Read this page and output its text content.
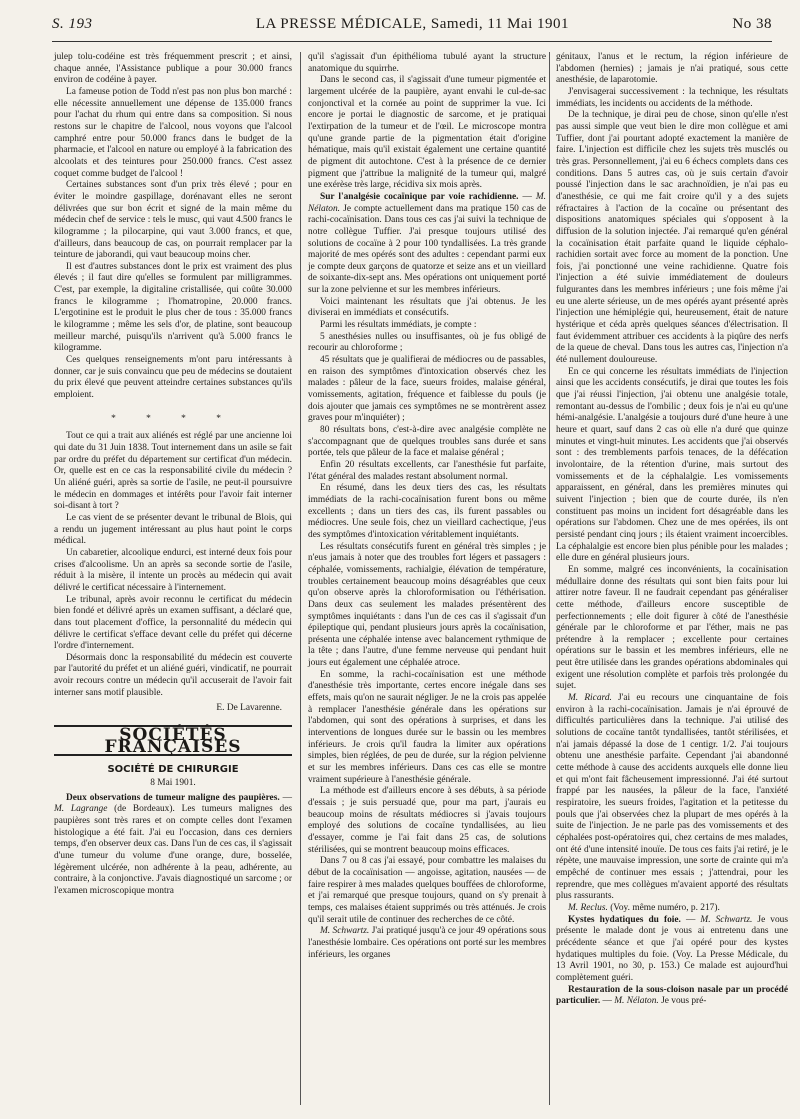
S. 193	LA PRESSE MÉDICALE, Samedi, 11 Mai 1901	No 38

julep tolu-codéine est très fréquemment prescrit ; et ainsi, chaque année, l'Assistance publique a pour 30.000 francs environ de codéine à payer.

La fameuse potion de Todd n'est pas non plus bon marché : elle nécessite annuellement une dépense de 135.000 francs pour l'achat du rhum qui entre dans sa composition. Si nous restons sur le chapitre de l'alcool, nous voyons que l'alcool camphré entre pour 50.000 francs dans le budget de la pharmacie, et l'alcool en nature ou employé à la fabrication des alcoolats et des teintures pour 250.000 francs. C'est assez coquet comme budget de l'alcool !

Certaines substances sont d'un prix très élevé ; pour en éviter le moindre gaspillage, dorénavant elles ne seront délivrées que sur bon écrit et signé de la main même du médecin chef de service : tels le musc, qui vaut 4.500 francs le kilogramme ; la pilocarpine, qui vaut 3.000 francs, et que, d'ailleurs, dans beaucoup de cas, on pourrait remplacer par la teinture de jaborandi, qui vaut beaucoup moins cher.

Il est d'autres substances dont le prix est vraiment des plus élevés ; il faut dire qu'elles se formulent par milligrammes. C'est, par exemple, la digitaline cristallisée, qui coûte 30.000 francs le kilogramme ; l'homatropine, 20.000 francs. L'ergotinine est le produit le plus cher de tous : 35.000 francs le kilogramme ; même les sels d'or, de platine, sont beaucoup meilleur marché, puisqu'ils n'arrivent qu'à 5.000 francs le kilogramme.

Ces quelques renseignements m'ont paru intéressants à donner, car je suis convaincu que peu de médecins se doutaient du prix élevé que peuvent atteindre certaines substances qu'ils emploient.

* * * *

Tout ce qui a trait aux aliénés est réglé par une ancienne loi qui date du 31 Juin 1838. Tout internement dans un asile se fait par ordre du préfet du département sur certificat d'un médecin. Or, quelle est en ce cas la responsabilité civile du médecin ? Un aliéné guéri, après sa sortie de l'asile, ne peut-il poursuivre le médecin en dommages et intérêts pour l'avoir fait interner soi-disant à tort ?

Le cas vient de se présenter devant le tribunal de Blois, qui a rendu un jugement intéressant au plus haut point le corps médical.

Un cabaretier, alcoolique endurci, est interné deux fois pour crises d'alcoolisme. Un an après sa seconde sortie de l'asile, réduit à la misère, il intente un procès au médecin qui avait délivré le certificat nécessaire à l'internement.

Le tribunal, après avoir reconnu le certificat du médecin bien fondé et délivré après un examen suffisant, a déclaré que, dans tout placement d'office, la personnalité du médecin qui délivre le certificat s'efface devant celle du préfet qui décerne l'ordre d'internement.

Désormais donc la responsabilité du médecin est couverte par l'autorité du préfet et un aliéné guéri, vindicatif, ne pourrait avoir recours contre un médecin qu'il accuserait de l'avoir fait interner sans motif plausible.

E. De Lavarenne.

SOCIÉTÉS FRANÇAISES
SOCIÉTÉ DE CHIRURGIE
8 Mai 1901.

Deux observations de tumeur maligne des paupières. — M. Lagrange (de Bordeaux). Les tumeurs malignes des paupières sont très rares et on compte celles dont l'examen histologique a été fait. J'ai eu l'occasion, dans ces derniers temps, d'en observer deux cas. Dans l'un de ces cas, il s'agissait d'une tumeur du volume d'une orange, dure, bosselée, légèrement ulcérée, non adhérente à la peau, adhérente, au contraire, à la conjonctive. J'avais diagnostiqué un sarcome ; or l'examen microscopique montra

qu'il s'agissait d'un épithélioma tubulé ayant la structure anatomique du squirrhe.

Dans le second cas, il s'agissait d'une tumeur pigmentée et largement ulcérée de la paupière, ayant envahi le cul-de-sac conjonctival et la cornée au point de supprimer la vue. Ici encore je portai le diagnostic de sarcome, et je pratiquai l'extirpation de la tumeur et de l'œil. Le microscope montra qu'une grande partie de la pigmentation était d'origine hématique, mais qu'il existait également une certaine quantité de pigment dit autochtone. C'est à la présence de ce dernier pigment que j'attribue la malignité de la tumeur qui, malgré une exérèse très large, récidiva six mois après.

Sur l'analgésie cocaïnique par voie rachidienne. — M. Nélaton. Je compte actuellement dans ma pratique 150 cas de rachi-cocaïnisation. Dans tous ces cas j'ai suivi la technique de notre collègue Tuffier. J'ai presque toujours utilisé des solutions de cocaïne à 2 pour 100 tyndallisées. La très grande majorité de mes opérés sont des adultes : cependant parmi eux je compte deux garçons de quatorze et seize ans et un vieillard de soixante-dix-sept ans. Mes opérations ont uniquement porté sur la zone pelvienne et sur les membres inférieurs.

Voici maintenant les résultats que j'ai obtenus. Je les diviserai en immédiats et consécutifs.

Parmi les résultats immédiats, je compte :

5 anesthésies nulles ou insuffisantes, où je fus obligé de recourir au chloroforme ;

45 résultats que je qualifierai de médiocres ou de passables, en raison des symptômes d'intoxication observés chez les malades : pâleur de la face, sueurs froides, malaise général, vomissements, agitation, fréquence et faiblesse du pouls (je dois ajouter que jamais ces symptômes ne se montrèrent assez graves pour m'inquiéter) ;

80 résultats bons, c'est-à-dire avec analgésie complète ne s'accompagnant que de quelques troubles sans durée et sans portée, tels que pâleur de la face et malaise général ;

Enfin 20 résultats excellents, car l'anesthésie fut parfaite, l'état général des malades restant absolument normal.

En résumé, dans les deux tiers des cas, les résultats immédiats de la rachi-cocaïnisation furent bons ou même excellents ; dans un tiers des cas, ils furent passables ou médiocres. Une seule fois, chez un vieillard cachectique, j'eus des symptômes d'intoxication véritablement inquiétants.

Les résultats consécutifs furent en général très simples ; je n'eus jamais à noter que des troubles fort légers et passagers : céphalée, vomissements, rachialgie, élévation de température, troubles certainement beaucoup moins désagréables que ceux qu'on observe après la chloroformisation ou l'éthérisation. Dans deux cas seulement les malades présentèrent des symptômes inquiétants : dans l'un de ces cas il s'agissait d'un épileptique qui, pendant plusieurs jours après la cocaïnisation, présenta une céphalée intense avec balancement rythmique de la tête ; dans l'autre, d'une femme nerveuse qui pendant huit jours eut également une céphalée atroce.

En somme, la rachi-cocaïnisation est une méthode d'anesthésie très importante, certes encore inégale dans ses effets, mais qu'on ne saurait négliger. Je ne la crois pas appelée à remplacer l'anesthésie générale dans les opérations sur l'abdomen, qui sont des opérations à surprises, et dans les interventions de longues durée sur le bassin ou les membres inférieurs. Je crois qu'il faudra la limiter aux opérations simples, bien réglées, de peu de durée, sur la région pelvienne et sur les membres inférieurs. Dans ces cas elle se montre vraiment supérieure à l'anesthésie générale.

La méthode est d'ailleurs encore à ses débuts, à sa période d'essais ; je suis persuadé que, pour ma part, j'aurais eu beaucoup moins de résultats médiocres si j'avais toujours employé des solutions de cocaïne tyndallisées, au lieu d'essayer, comme je l'ai fait dans 25 cas, de solutions stérilisées, qui se montrent beaucoup moins efficaces.

Dans 7 ou 8 cas j'ai essayé, pour combattre les malaises du début de la cocaïnisation — angoisse, agitation, nausées — de faire respirer à mes malades quelques bouffées de chloroforme, et j'ai remarqué que presque toujours, quand on s'y prenait à temps, ces malaises étaient supprimés ou très atténués. Je crois qu'il serait utile de continuer des recherches de ce côté.

M. Schwartz. J'ai pratiqué jusqu'à ce jour 49 opérations sous l'anesthésie lombaire. Ces opérations ont porté sur les membres inférieurs, les organes

génitaux, l'anus et le rectum, la région inférieure de l'abdomen (hernies) ; jamais je n'ai pratiqué, sous cette anesthésie, de laparotomie.

J'envisagerai successivement : la technique, les résultats immédiats, les incidents ou accidents de la méthode.

De la technique, je dirai peu de chose, sinon qu'elle n'est pas aussi simple que veut bien le dire mon collègue et ami Tuffier, dont j'ai pourtant adopté exactement la manière de faire. L'injection est difficile chez les sujets très musclés ou très gras. Personnellement, j'ai eu 6 échecs complets dans ces conditions. Dans 5 autres cas, où je suis certain d'avoir poussé l'injection dans le sac arachnoïdien, je n'ai pas eu d'anesthésie, ce qui me fait croire qu'il y a des sujets réfractaires à l'action de la cocaïne ou présentant des dispositions anatomiques spéciales qui s'opposent à la diffusion de la solution injectée. J'ai remarqué qu'en général la cocaïnisation était parfaite quand le liquide céphalo-rachidien sortait avec force au moment de la ponction. Une fois, j'ai ponctionné une veine rachidienne. Quatre fois l'injection a été suivie immédiatement de douleurs fulgurantes dans les membres inférieurs ; une fois même j'ai eu une alerte sérieuse, un de mes opérés ayant présenté après l'injection une hémiplégie qui, heureusement, était de nature hystérique et céda après quelques séances d'électrisation. Il faut évidemment attribuer ces accidents à la piqûre des nerfs de la queue de cheval. Dans tous les autres cas, l'injection n'a été nullement douloureuse.

En ce qui concerne les résultats immédiats de l'injection ainsi que les accidents consécutifs, je dirai que toutes les fois que j'ai réussi l'injection, j'ai obtenu une analgésie totale, remontant au-dessus de l'ombilic ; deux fois je n'ai eu qu'une hémi-analgésie. L'analgésie a toujours duré d'une heure à une heure et quart, sauf dans 2 cas où elle n'a duré que quinze minutes et vingt-huit minutes. Les accidents que j'ai observés sont : des tremblements parfois tenaces, de la défécation involontaire, de la rétention d'urine, mais surtout des vomissements et de la céphalalgie. Les vomissements apparaissent, en général, dans les premières minutes qui suivent l'injection ; bien que de courte durée, ils n'en constituent pas moins un incident fort désagréable dans les opérations sur l'abdomen. Chez une de mes opérées, ils ont persisté pendant cinq jours ; ils étaient vraiment incoercibles. La céphalalgie est encore bien plus pénible pour les malades ; elle dure en général plusieurs jours.

En somme, malgré ces inconvénients, la cocaïnisation médullaire donne des résultats qui sont bien faits pour lui attirer notre faveur. Il ne faudrait cependant pas généraliser cette méthode, d'ailleurs encore susceptible de perfectionnements ; elle doit figurer à côté de l'anesthésie générale par le chloroforme et par l'éther, mais ne pas prétendre à la remplacer ; excellente pour certaines opérations sur le bassin et les membres inférieurs, elle ne peut être utilisée dans les grandes opérations abdominales qui exigent une résolution complète et parfois très prolongée du sujet.

M. Ricard. J'ai eu recours une cinquantaine de fois environ à la rachi-cocaïnisation. Jamais je n'ai éprouvé de difficultés particulières dans la technique. J'ai utilisé des solutions de cocaïne tantôt tyndallisées, tantôt stérilisées, et n'ai jamais dépassé la dose de 1 centigr. 1/2. J'ai toujours obtenu une anesthésie parfaite. Cependant j'ai abandonné cette méthode à cause des accidents auxquels elle donne lieu et qui m'ont fait fâcheusement impressionné. J'ai été surtout frappé par les nausées, la pâleur de la face, l'anxiété respiratoire, les sueurs froides, l'agitation et la petitesse du pouls que j'ai observées chez la plupart de mes opérés à la suite de l'injection. Je ne parle pas des vomissements et des céphalées post-opératoires qui, chez certains de mes malades, ont été d'une intensité inouïe. De tous ces faits j'ai retiré, je le répète, une mauvaise impression, une sorte de crainte qui m'a empêché de continuer mes essais ; j'attendrai, pour les reprendre, que mes collègues m'avaient apporté des résultats plus rassurants.

M. Reclus. (Voy. même numéro, p. 217).

Kystes hydatiques du foie. — M. Schwartz. Je vous présente le malade dont je vous ai entretenu dans une précédente séance et que j'ai opéré pour des kystes hydatiques multiples du foie. (Voy. La Presse Médicale, du 13 Avril 1901, no 30, p. 153.) Ce malade est aujourd'hui complètement guéri.

Restauration de la sous-cloison nasale par un procédé particulier. — M. Nélaton. Je vous pré-
